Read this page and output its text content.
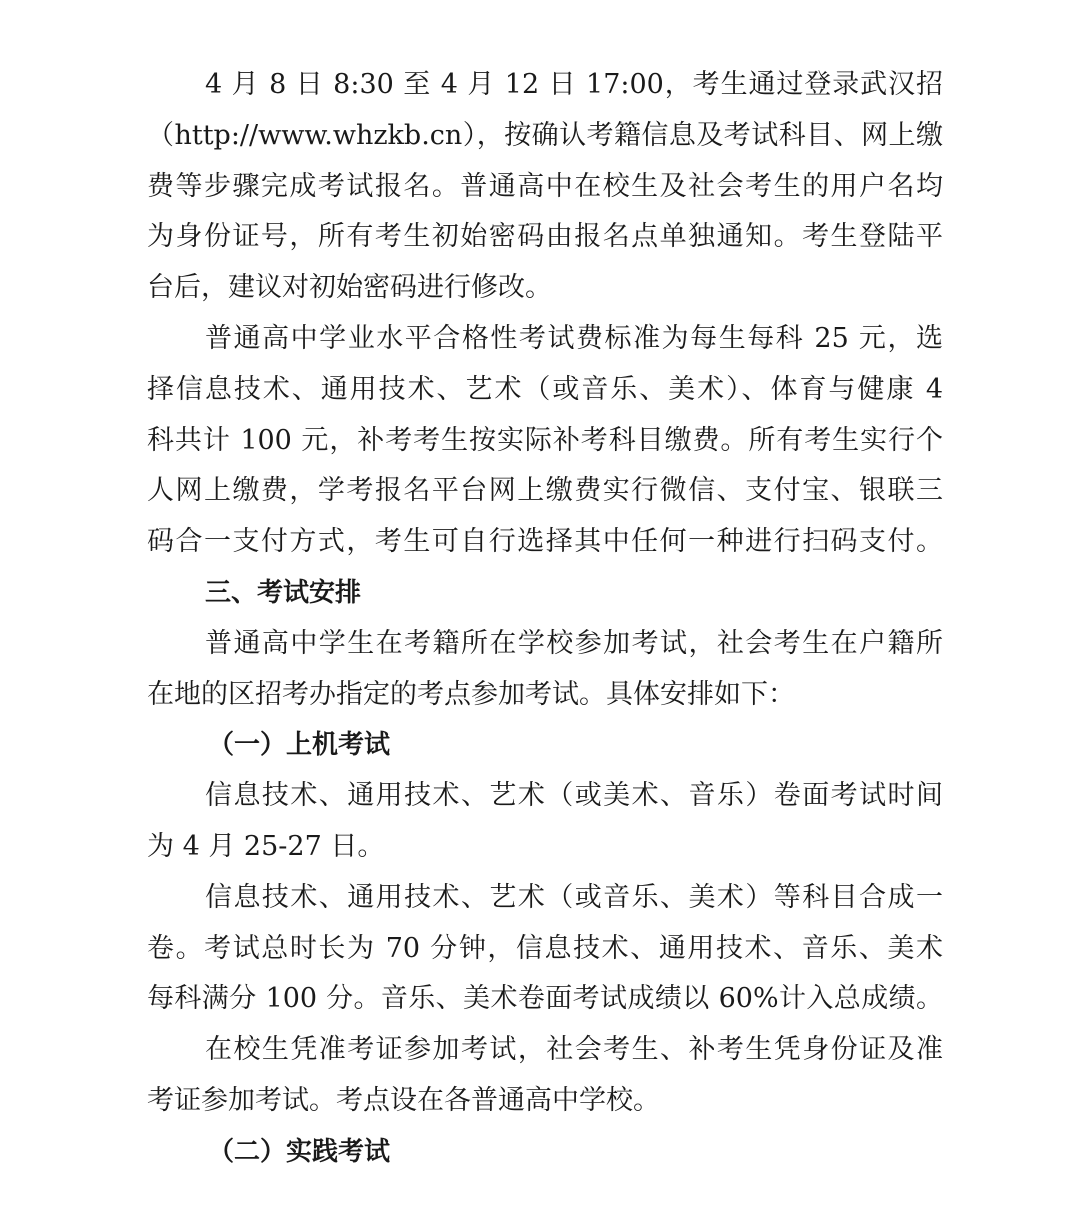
4 月 8 日 8:30 至 4 月 12 日 17:00，考生通过登录武汉招
（http://www.whzkb.cn），按确认考籍信息及考试科目、网上缴
费等步骤完成考试报名。普通高中在校生及社会考生的用户名均
为身份证号，所有考生初始密码由报名点单独通知。考生登陆平
台后，建议对初始密码进行修改。
普通高中学业水平合格性考试费标准为每生每科 25 元，选
择信息技术、通用技术、艺术（或音乐、美术）、体育与健康 4
科共计 100 元，补考考生按实际补考科目缴费。所有考生实行个
人网上缴费，学考报名平台网上缴费实行微信、支付宝、银联三
码合一支付方式，考生可自行选择其中任何一种进行扫码支付。
三、考试安排
普通高中学生在考籍所在学校参加考试，社会考生在户籍所
在地的区招考办指定的考点参加考试。具体安排如下：
（一）上机考试
信息技术、通用技术、艺术（或美术、音乐）卷面考试时间
为 4 月 25-27 日。
信息技术、通用技术、艺术（或音乐、美术）等科目合成一
卷。考试总时长为 70 分钟，信息技术、通用技术、音乐、美术
每科满分 100 分。音乐、美术卷面考试成绩以 60%计入总成绩。
在校生凭准考证参加考试，社会考生、补考生凭身份证及准
考证参加考试。考点设在各普通高中学校。
（二）实践考试
